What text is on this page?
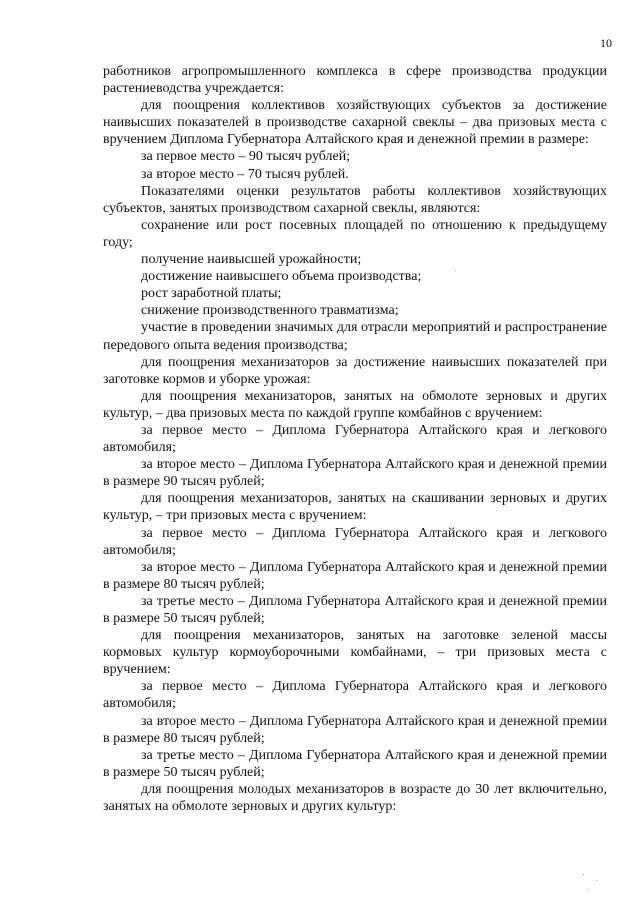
10

работников агропромышленного комплекса в сфере производства продукции растениеводства учреждается:

для поощрения коллективов хозяйствующих субъектов за достижение наивысших показателей в производстве сахарной свеклы – два призовых места с вручением Диплома Губернатора Алтайского края и денежной премии в размере:

за первое место – 90 тысяч рублей;

за второе место – 70 тысяч рублей.

Показателями оценки результатов работы коллективов хозяйствующих субъектов, занятых производством сахарной свеклы, являются:

сохранение или рост посевных площадей по отношению к предыдущему году;

получение наивысшей урожайности;

достижение наивысшего объема производства;

рост заработной платы;

снижение производственного травматизма;

участие в проведении значимых для отрасли мероприятий и распространение передового опыта ведения производства;

для поощрения механизаторов за достижение наивысших показателей при заготовке кормов и уборке урожая:

для поощрения механизаторов, занятых на обмолоте зерновых и других культур, – два призовых места по каждой группе комбайнов с вручением:

за первое место – Диплома Губернатора Алтайского края и легкового автомобиля;

за второе место – Диплома Губернатора Алтайского края и денежной премии в размере 90 тысяч рублей;

для поощрения механизаторов, занятых на скашивании зерновых и других культур, – три призовых места с вручением:

за первое место – Диплома Губернатора Алтайского края и легкового автомобиля;

за второе место – Диплома Губернатора Алтайского края и денежной премии в размере 80 тысяч рублей;

за третье место – Диплома Губернатора Алтайского края и денежной премии в размере 50 тысяч рублей;

для поощрения механизаторов, занятых на заготовке зеленой массы кормовых культур кормоуборочными комбайнами, – три призовых места с вручением:

за первое место – Диплома Губернатора Алтайского края и легкового автомобиля;

за второе место – Диплома Губернатора Алтайского края и денежной премии в размере 80 тысяч рублей;

за третье место – Диплома Губернатора Алтайского края и денежной премии в размере 50 тысяч рублей;

для поощрения молодых механизаторов в возрасте до 30 лет включительно, занятых на обмолоте зерновых и других культур:
